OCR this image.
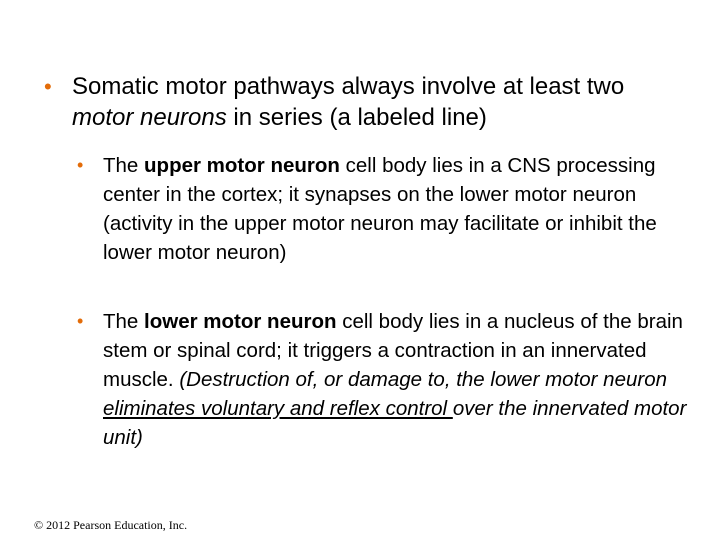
• Somatic motor pathways always involve at least two motor neurons in series (a labeled line)
• The upper motor neuron cell body lies in a CNS processing center in the cortex; it synapses on the lower motor neuron (activity in the upper motor neuron may facilitate or inhibit the lower motor neuron)
• The lower motor neuron cell body lies in a nucleus of the brain stem or spinal cord; it triggers a contraction in an innervated muscle. (Destruction of, or damage to, the lower motor neuron eliminates voluntary and reflex control over the innervated motor unit)
© 2012 Pearson Education, Inc.
